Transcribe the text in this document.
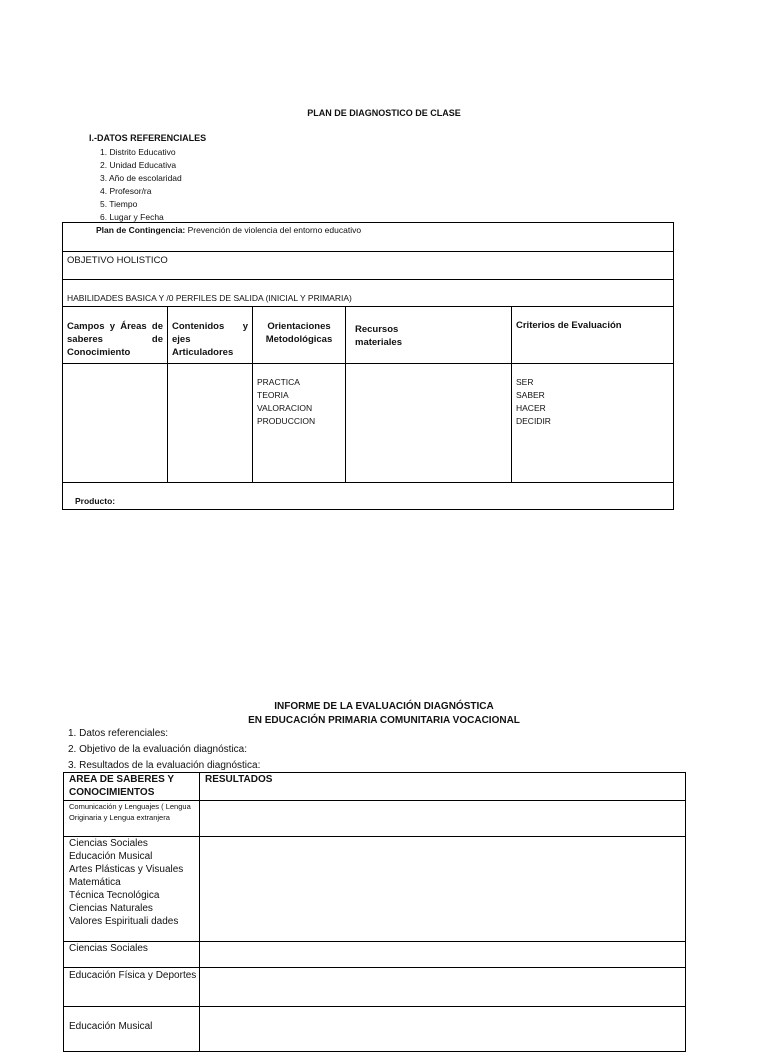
PLAN DE DIAGNOSTICO DE CLASE
I.-DATOS REFERENCIALES
1. Distrito Educativo
2. Unidad Educativa
3. Año de escolaridad
4. Profesor/ra
5. Tiempo
6. Lugar y Fecha
Plan de Contingencia: Prevención de violencia del entorno educativo
OBJETIVO HOLISTICO
HABILIDADES BASICA Y /0 PERFILES DE SALIDA (INICIAL Y PRIMARIA)
Campos y Áreas de saberes de Conocimiento
Contenidos y ejes Articuladores
Orientaciones Metodológicas
Recursos materiales
Criterios de Evaluación
PRACTICA
TEORIA
VALORACION
PRODUCCION
SER
SABER
HACER
DECIDIR
Producto:
INFORME DE LA EVALUACIÓN DIAGNÓSTICA
EN EDUCACIÓN PRIMARIA COMUNITARIA VOCACIONAL
1. Datos referenciales:
2. Objetivo de la evaluación diagnóstica:
3. Resultados de la evaluación diagnóstica:
AREA DE SABERES Y CONOCIMIENTOS
RESULTADOS
Comunicación y Lenguajes ( Lengua Originaria y Lengua extranjera
Ciencias Sociales
Educación Musical
Artes Plásticas y Visuales
Matemática
Técnica Tecnológica
Ciencias Naturales
Valores Espirituali dades
Ciencias Sociales
Educación Física y Deportes
Educación Musical
